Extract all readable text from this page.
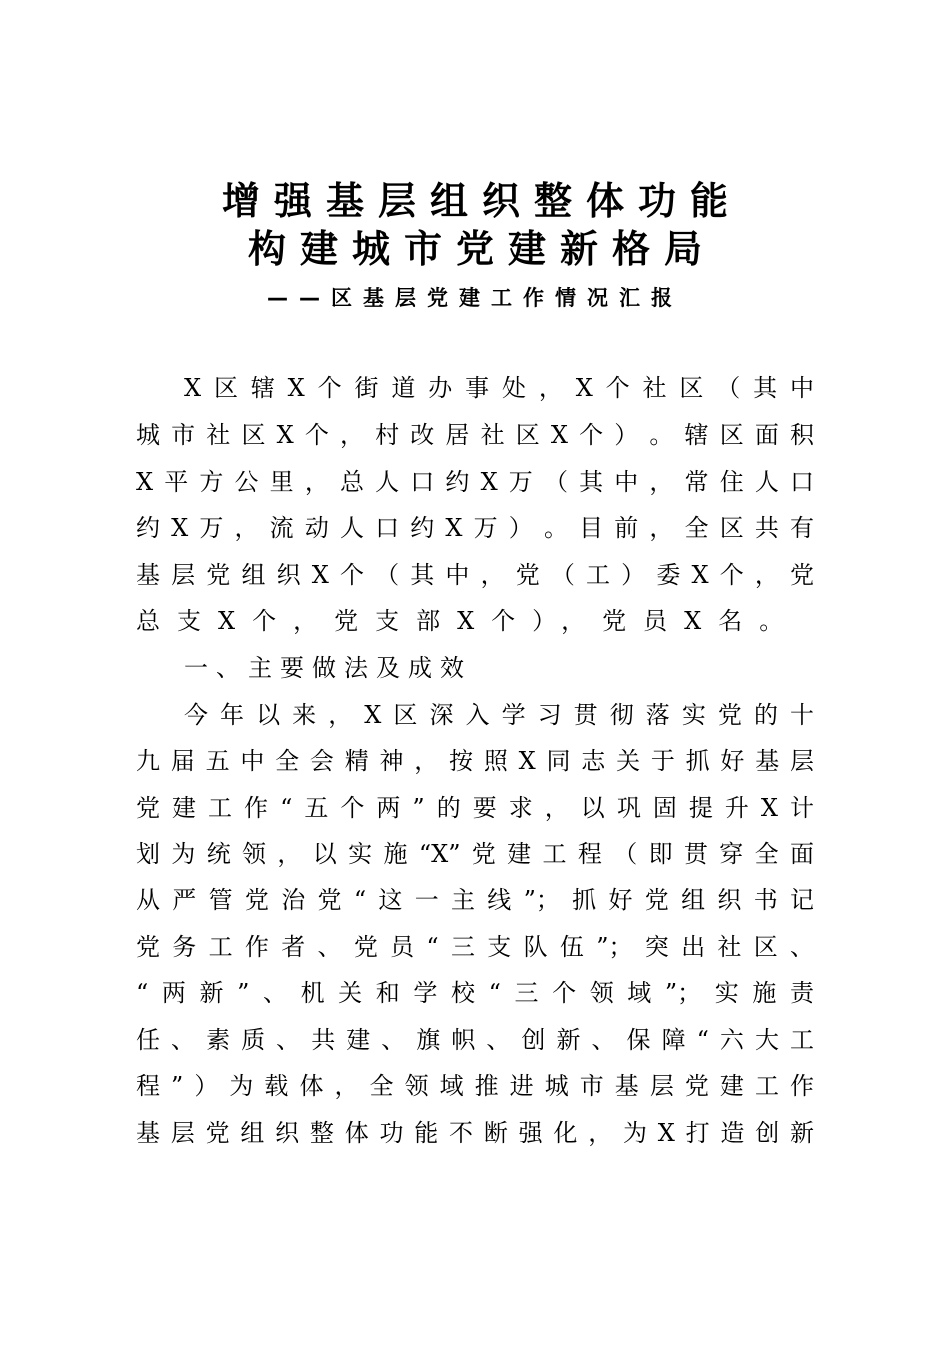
增强基层组织整体功能
构建城市党建新格局
——区基层党建工作情况汇报
X​区​辖​X​个​街​道​办​事​处​，​X​个​社​区​（​其​中
城​市​社​区​X​个​，​村​改​居​社​区​X​个​）​。​辖​区​面​积
X​平​方​公​里​，​总​人​口​约​X​万​（​其​中​，​常​住​人​口
约​X​万​，​流​动​人​口​约​X​万​）​。​目​前​，​全​区​共​有
基​层​党​组​织​X​个​（​其​中​，​党​（​工​）​委​X​个​，​党
总支X个，党支部X个），党员X名。
一、主要做法及成效
今​年​以​来​，​X​区​深​入​学​习​贯​彻​落​实​党​的​十
九​届​五​中​全​会​精​神​，​按​照​X​同​志​关​于​抓​好​基​层
党​建​工​作​“​五​个​两​”​的​要​求​，​以​巩​固​提​升​X​计
划​为​统​领​，​以​实​施​“​X​”​党​建​工​程​（​即​贯​穿​全​面
从​严​管​党​治​党​“​这​一​主​线​”​；​抓​好​党​组​织​书​记
党​务​工​作​者​、​党​员​“​三​支​队​伍​”​；​突​出​社​区​、
“​两​新​”​、​机​关​和​学​校​“​三​个​领​域​”​；​实​施​责
任​、​素​质​、​共​建​、​旗​帜​、​创​新​、​保​障​“​六​大​工
程​”​）​为​载​体​，​全​领​域​推​进​城​市​基​层​党​建​工​作
基​层​党​组​织​整​体​功​能​不​断​强​化​，​为​X​打​造​创​新
